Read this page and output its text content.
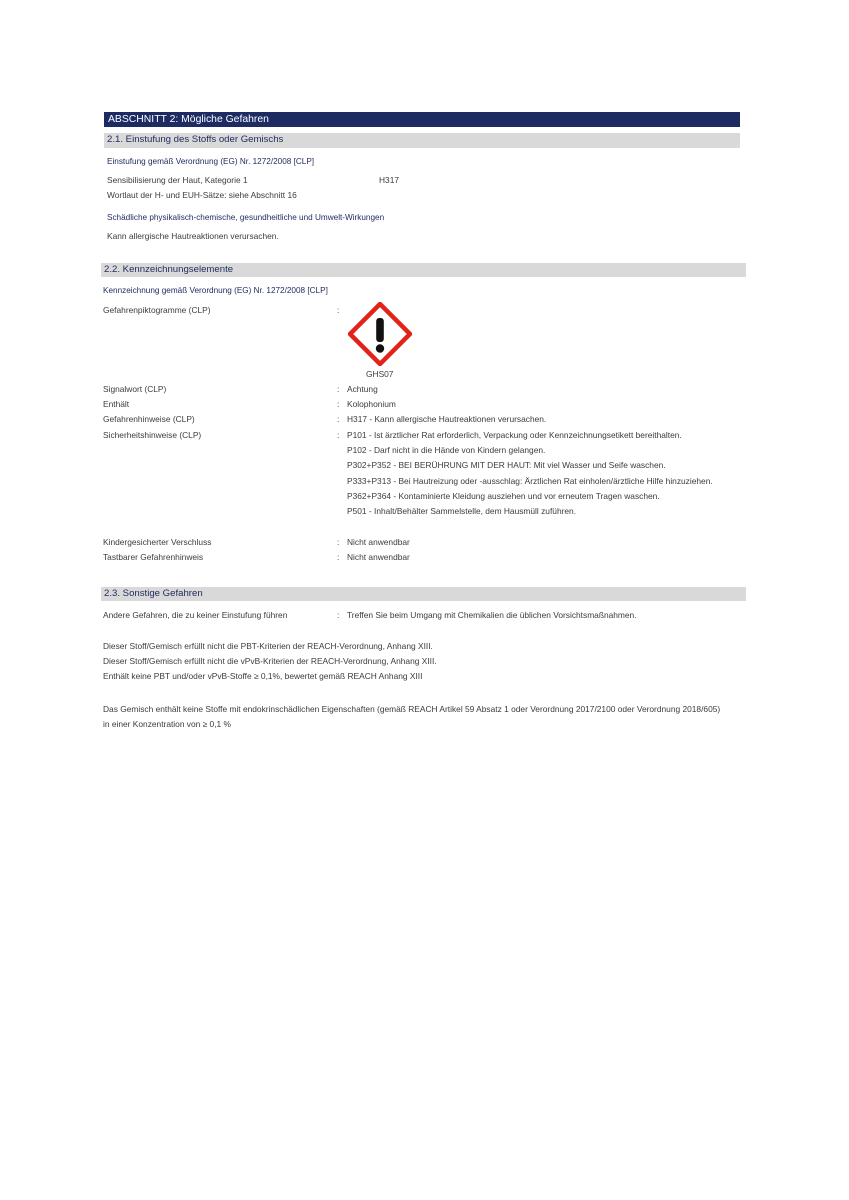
ABSCHNITT 2: Mögliche Gefahren
2.1. Einstufung des Stoffs oder Gemischs
Einstufung gemäß Verordnung (EG) Nr. 1272/2008 [CLP]
Sensibilisierung der Haut, Kategorie 1	H317
Wortlaut der H- und EUH-Sätze: siehe Abschnitt 16
Schädliche physikalisch-chemische, gesundheitliche und Umwelt-Wirkungen
Kann allergische Hautreaktionen verursachen.
2.2. Kennzeichnungselemente
Kennzeichnung gemäß Verordnung (EG) Nr. 1272/2008 [CLP]
Gefahrenpiktogramme (CLP)	:
GHS07
Signalwort (CLP)	: Achtung
Enthält	: Kolophonium
Gefahrenhinweise (CLP)	: H317 - Kann allergische Hautreaktionen verursachen.
Sicherheitshinweise (CLP)	: P101 - Ist ärztlicher Rat erforderlich, Verpackung oder Kennzeichnungsetikett bereithalten.
P102 - Darf nicht in die Hände von Kindern gelangen.
P302+P352 - BEI BERÜHRUNG MIT DER HAUT: Mit viel Wasser und Seife waschen.
P333+P313 - Bei Hautreizung oder -ausschlag: Ärztlichen Rat einholen/ärztliche Hilfe hinzuziehen.
P362+P364 - Kontaminierte Kleidung ausziehen und vor erneutem Tragen waschen.
P501 - Inhalt/Behälter Sammelstelle, dem Hausmüll zuführen.
Kindergesicherter Verschluss	: Nicht anwendbar
Tastbarer Gefahrenhinweis	: Nicht anwendbar
2.3. Sonstige Gefahren
Andere Gefahren, die zu keiner Einstufung führen	: Treffen Sie beim Umgang mit Chemikalien die üblichen Vorsichtsmaßnahmen.
Dieser Stoff/Gemisch erfüllt nicht die PBT-Kriterien der REACH-Verordnung, Anhang XIII.
Dieser Stoff/Gemisch erfüllt nicht die vPvB-Kriterien der REACH-Verordnung, Anhang XIII.
Enthält keine PBT und/oder vPvB-Stoffe ≥ 0,1%, bewertet gemäß REACH Anhang XIII
Das Gemisch enthält keine Stoffe mit endokrinschädlichen Eigenschaften (gemäß REACH Artikel 59 Absatz 1 oder Verordnung 2017/2100 oder Verordnung 2018/605) in einer Konzentration von ≥ 0,1 %
